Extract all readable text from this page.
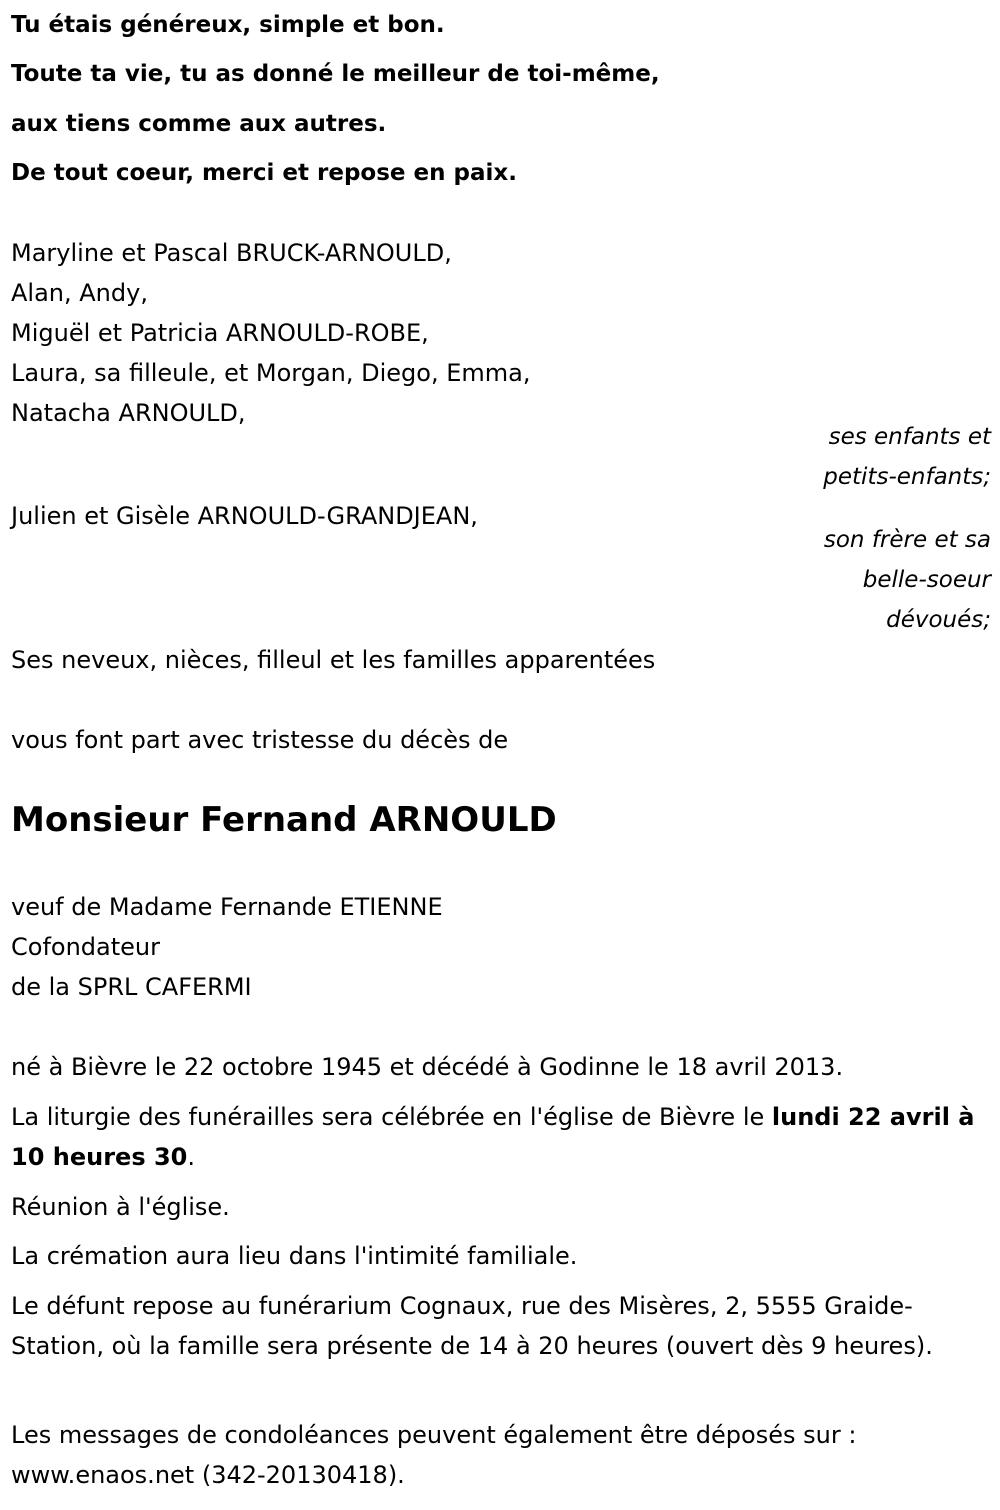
Tu étais généreux, simple et bon.
Toute ta vie, tu as donné le meilleur de toi-même,
aux tiens comme aux autres.
De tout coeur, merci et repose en paix.
Maryline et Pascal BRUCK-ARNOULD,
Alan, Andy,
Miguël et Patricia ARNOULD-ROBE,
Laura, sa filleule, et Morgan, Diego, Emma,
Natacha ARNOULD,
ses enfants et
petits-enfants;
Julien et Gisèle ARNOULD-GRANDJEAN,
son frère et sa
belle-soeur
dévoués;
Ses neveux, nièces, filleul et les familles apparentées
vous font part avec tristesse du décès de
Monsieur Fernand ARNOULD
veuf de Madame Fernande ETIENNE
Cofondateur
de la SPRL CAFERMI
né à Bièvre le 22 octobre 1945 et décédé à Godinne le 18 avril 2013.
La liturgie des funérailles sera célébrée en l'église de Bièvre le lundi 22 avril à 10 heures 30.
Réunion à l'église.
La crémation aura lieu dans l'intimité familiale.
Le défunt repose au funérarium Cognaux, rue des Misères, 2, 5555 Graide-Station, où la famille sera présente de 14 à 20 heures (ouvert dès 9 heures).
Les messages de condoléances peuvent également être déposés sur : www.enaos.net (342-20130418).
